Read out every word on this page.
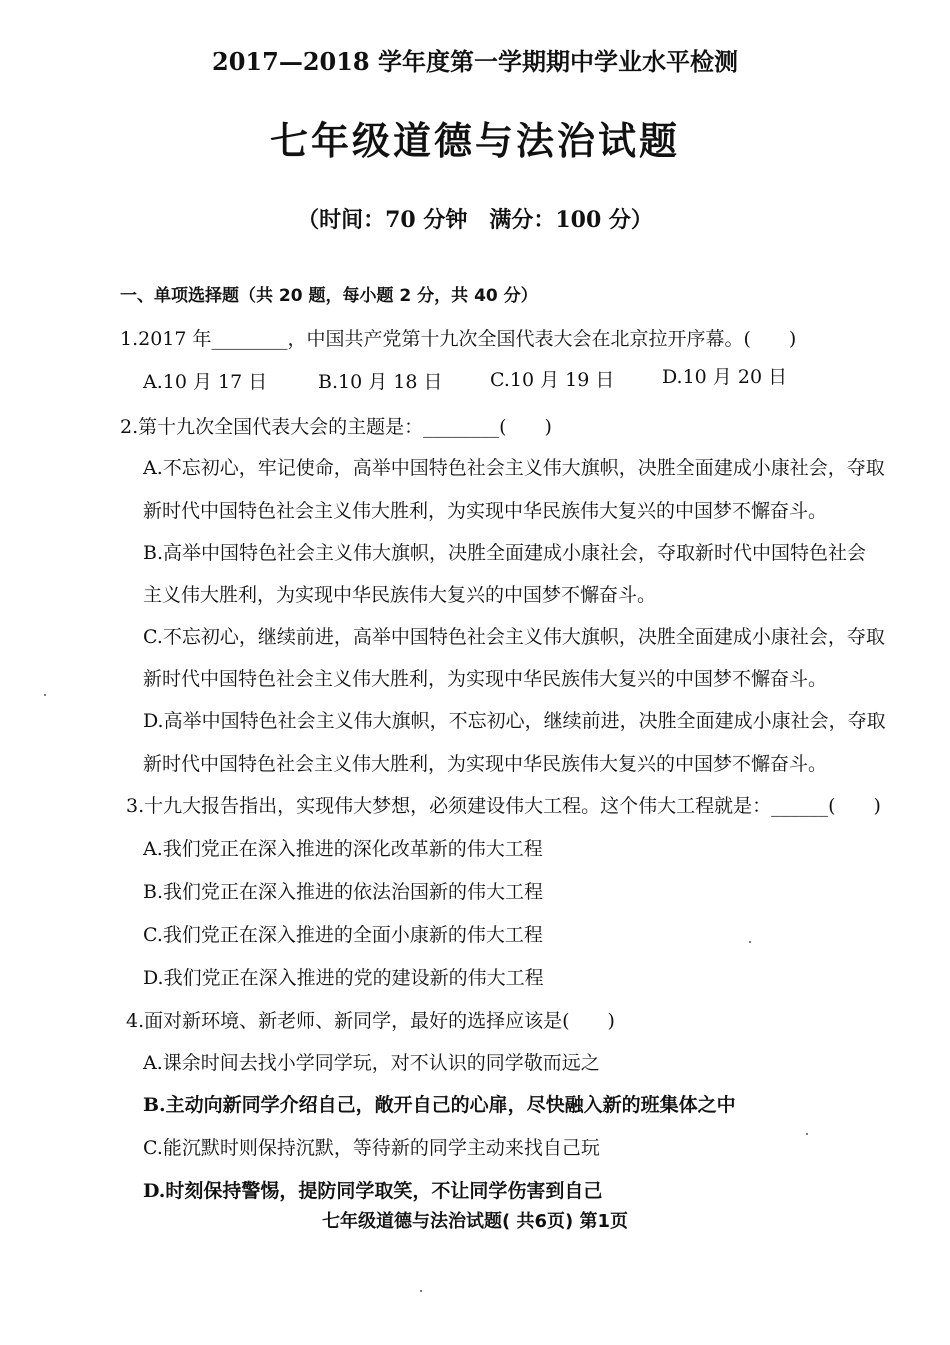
2017—2018 学年度第一学期期中学业水平检测
七年级道德与法治试题
（时间：70 分钟　满分：100 分）
一、单项选择题（共 20 题，每小题 2 分，共 40 分）
1.2017 年________，中国共产党第十九次全国代表大会在北京拉开序幕。(　　)
A.10 月 17 日	B.10 月 18 日	C.10 月 19 日	D.10 月 20 日
2.第十九次全国代表大会的主题是：________(　　)
A.不忘初心，牢记使命，高举中国特色社会主义伟大旗帜，决胜全面建成小康社会，夺取
新时代中国特色社会主义伟大胜利，为实现中华民族伟大复兴的中国梦不懈奋斗。
B.高举中国特色社会主义伟大旗帜，决胜全面建成小康社会，夺取新时代中国特色社会
主义伟大胜利，为实现中华民族伟大复兴的中国梦不懈奋斗。
C.不忘初心，继续前进，高举中国特色社会主义伟大旗帜，决胜全面建成小康社会，夺取
新时代中国特色社会主义伟大胜利，为实现中华民族伟大复兴的中国梦不懈奋斗。
D.高举中国特色社会主义伟大旗帜，不忘初心，继续前进，决胜全面建成小康社会，夺取
新时代中国特色社会主义伟大胜利，为实现中华民族伟大复兴的中国梦不懈奋斗。
3.十九大报告指出，实现伟大梦想，必须建设伟大工程。这个伟大工程就是：______(　　)
A.我们党正在深入推进的深化改革新的伟大工程
B.我们党正在深入推进的依法治国新的伟大工程
C.我们党正在深入推进的全面小康新的伟大工程
D.我们党正在深入推进的党的建设新的伟大工程
4.面对新环境、新老师、新同学，最好的选择应该是(　　)
A.课余时间去找小学同学玩，对不认识的同学敬而远之
B.主动向新同学介绍自己，敞开自己的心扉，尽快融入新的班集体之中
C.能沉默时则保持沉默，等待新的同学主动来找自己玩
D.时刻保持警惕，提防同学取笑，不让同学伤害到自己
七年级道德与法治试题( 共6页) 第1页
